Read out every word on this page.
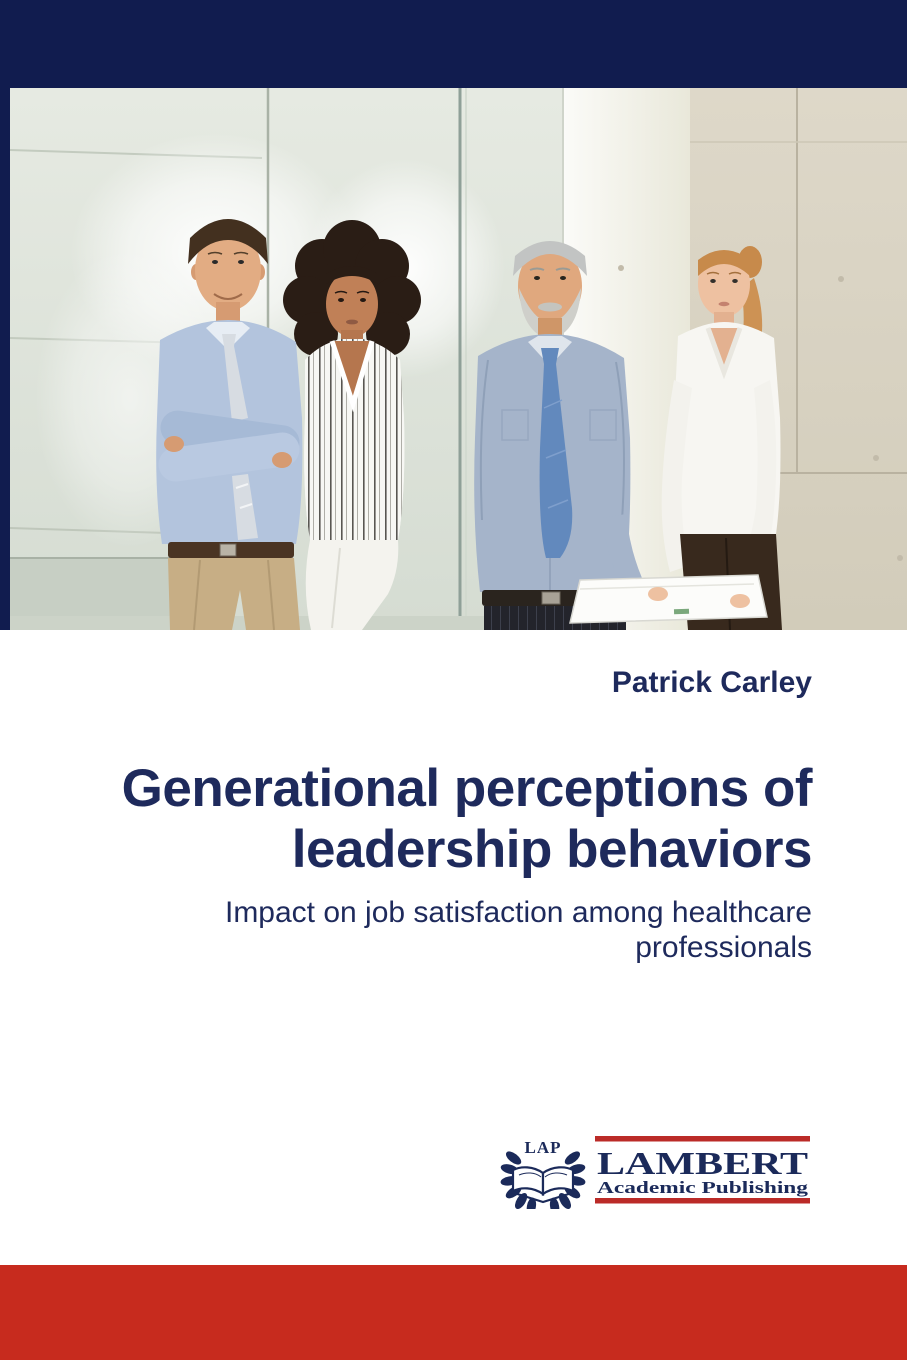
Patrick Carley
Generational perceptions of
leadership behaviors
Impact on job satisfaction among healthcare
professionals
LAP LAMBERT
Academic Publishing
